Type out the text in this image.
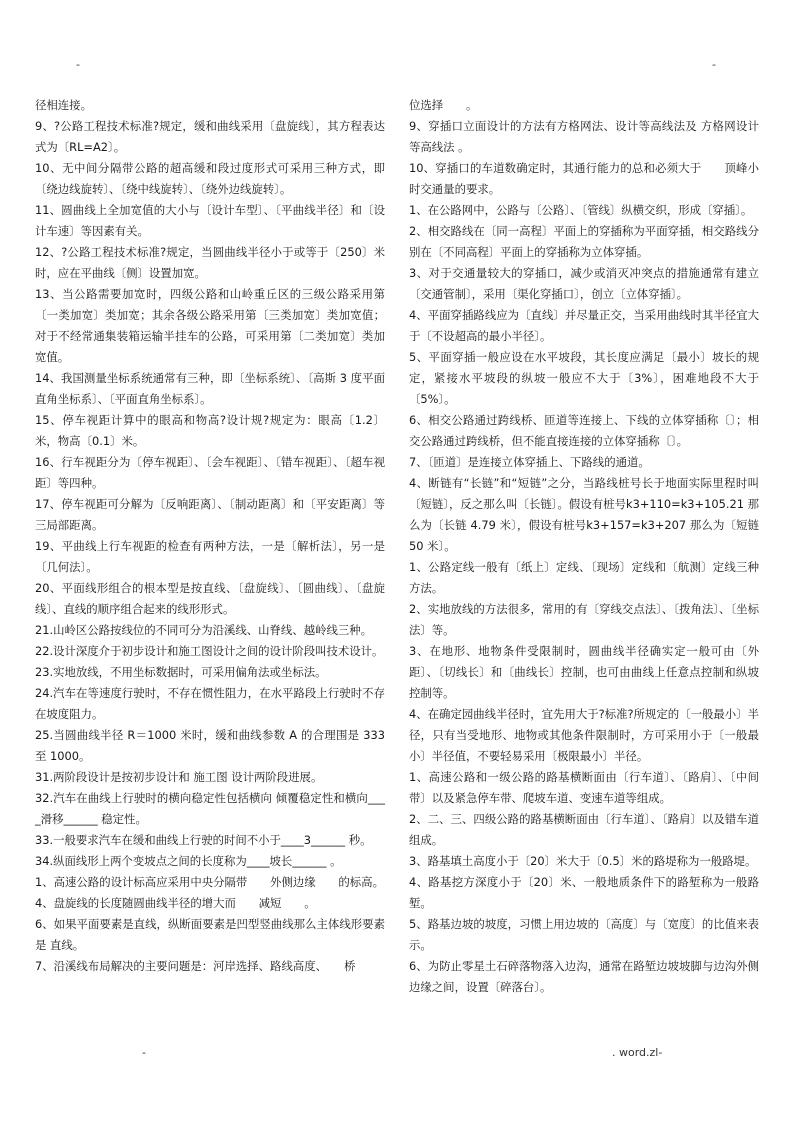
-	-

径相连接。

9、?公路工程技术标准?规定，缓和曲线采用〔盘旋线〕，其方程表达式为〔RL=A2〕。

10、无中间分隔带公路的超高缓和段过度形式可采用三种方式，即〔绕边线旋转〕、〔绕中线旋转〕、〔绕外边线旋转〕。

11、圆曲线上全加宽值的大小与〔设计车型〕、〔平曲线半径〕和〔设计车速〕等因素有关。

12、?公路工程技术标准?规定，当圆曲线半径小于或等于〔250〕米时，应在平曲线〔侧〕设置加宽。

13、当公路需要加宽时，四级公路和山岭重丘区的三级公路采用第〔一类加宽〕类加宽；其余各级公路采用第〔三类加宽〕类加宽值；对于不经常通集装箱运输半挂车的公路，可采用第〔二类加宽〕类加宽值。

14、我国测量坐标系统通常有三种，即〔坐标系统〕、〔高斯 3 度平面直角坐标系〕、〔平面直角坐标系〕。

15、停车视距计算中的眼高和物高?设计规?规定为：眼高〔1.2〕米，物高〔0.1〕米。

16、行车视距分为〔停车视距〕、〔会车视距〕、〔错车视距〕、〔超车视距〕等四种。

17、停车视距可分解为〔反响距离〕、〔制动距离〕和〔平安距离〕等三局部距离。

19、平曲线上行车视距的检查有两种方法，一是〔解析法〕，另一是〔几何法〕。

20、平面线形组合的根本型是按直线、〔盘旋线〕、〔圆曲线〕、〔盘旋线〕、直线的顺序组合起来的线形形式。

21.山岭区公路按线位的不同可分为沿溪线、山脊线、越岭线三种。

22.设计深度介于初步设计和施工图设计之间的设计阶段叫技术设计。

23.实地放线，不用坐标数据时，可采用偏角法或坐标法。

24.汽车在等速度行驶时，不存在惯性阻力，在水平路段上行驶时不存在坡度阻力。

25.当圆曲线半径 R＝1000 米时，缓和曲线参数 A 的合理围是 333 至 1000。

31.两阶段设计是按初步设计和 施工图 设计两阶段进展。

32.汽车在曲线上行驶时的横向稳定性包括横向 倾覆稳定性和横向____滑移______ 稳定性。

33.一般要求汽车在缓和曲线上行驶的时间不小于____3______ 秒。

34.纵面线形上两个变坡点之间的长度称为____坡长______ 。

1、高速公路的设计标高应采用中央分隔带　　外侧边缘　　的标高。

4、盘旋线的长度随圆曲线半径的增大而　　减短　　。

6、如果平面要素是直线，纵断面要素是凹型竖曲线那么主体线形要素是 直线。

7、沿溪线布局解决的主要问题是：河岸选择、路线高度、　　桥

位选择　　。

9、穿插口立面设计的方法有方格网法、设计等高线法及 方格网设计等高线法 。

10、穿插口的车道数确定时，其通行能力的总和必须大于　　顶峰小时交通量的要求。

1、在公路网中，公路与〔公路〕、〔管线〕纵横交织，形成〔穿插〕。

2、相交路线在〔同一高程〕平面上的穿插称为平面穿插，相交路线分别在〔不同高程〕平面上的穿插称为立体穿插。

3、对于交通量较大的穿插口，减少或消灭冲突点的措施通常有建立〔交通管制〕，采用〔渠化穿插口〕，创立〔立体穿插〕。

4、平面穿插路线应为〔直线〕并尽量正交，当采用曲线时其半径宜大于〔不设超高的最小半径〕。

5、平面穿插一般应设在水平坡段，其长度应满足〔最小〕坡长的规定，紧接水平坡段的纵坡一般应不大于〔3%〕，困难地段不大于〔5%〕。

6、相交公路通过跨线桥、匝道等连接上、下线的立体穿插称〔〕；相交公路通过跨线桥，但不能直接连接的立体穿插称〔〕。

7、〔匝道〕是连接立体穿插上、下路线的通道。

4、断链有“长链”和“短链”之分，当路线桩号长于地面实际里程时叫〔短链〕，反之那么叫〔长链〕。假设有桩号k3+110=k3+105.21 那么为〔长链 4.79 米〕，假设有桩号k3+157=k3+207 那么为〔短链 50 米〕。

1、公路定线一般有〔纸上〕定线、〔现场〕定线和〔航测〕定线三种方法。

2、实地放线的方法很多，常用的有〔穿线交点法〕、〔拨角法〕、〔坐标法〕等。

3、在地形、地物条件受限制时，圆曲线半径确实定一般可由〔外距〕、〔切线长〕和〔曲线长〕控制，也可由曲线上任意点控制和纵坡控制等。

4、在确定园曲线半径时，宜先用大于?标准?所规定的〔一般最小〕半径，只有当受地形、地物或其他条件限制时，方可采用小于〔一般最小〕半径值，不要轻易采用〔极限最小〕半径。

1、高速公路和一级公路的路基横断面由〔行车道〕、〔路肩〕、〔中间带〕以及紧急停车带、爬坡车道、变速车道等组成。

2、二、三、四级公路的路基横断面由〔行车道〕、〔路肩〕以及错车道组成。

3、路基填土高度小于〔20〕米大于〔0.5〕米的路堤称为一般路堤。

4、路基挖方深度小于〔20〕米、一般地质条件下的路堑称为一般路堑。

5、路基边坡的坡度，习惯上用边坡的〔高度〕与〔宽度〕的比值来表示。

6、为防止零星土石碎落物落入边沟，通常在路堑边坡坡脚与边沟外侧边缘之间，设置〔碎落台〕。

-	. word.zl-
